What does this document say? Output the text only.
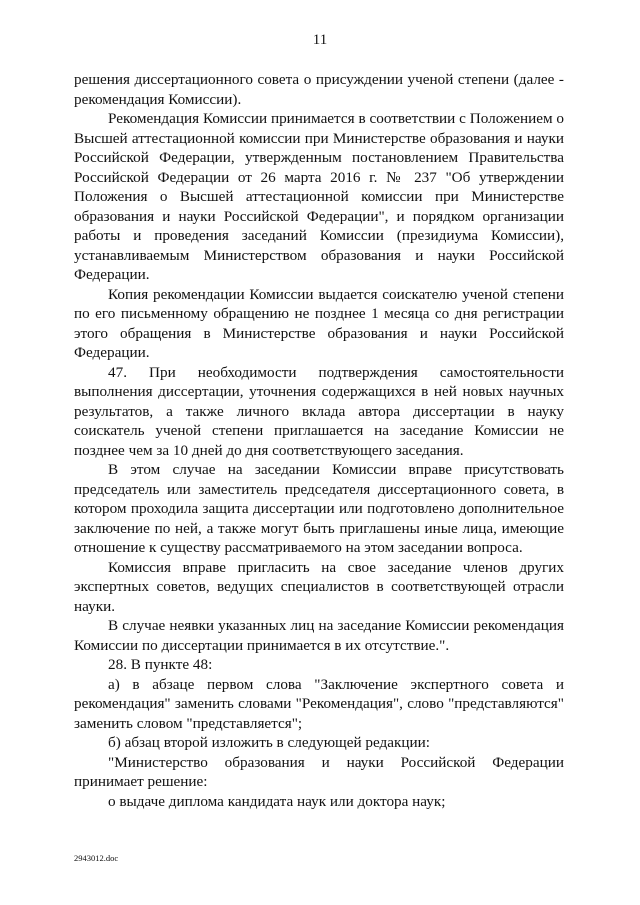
11

решения диссертационного совета о присуждении ученой степени (далее - рекомендация Комиссии).

Рекомендация Комиссии принимается в соответствии с Положением о Высшей аттестационной комиссии при Министерстве образования и науки Российской Федерации, утвержденным постановлением Правительства Российской Федерации от 26 марта 2016 г. № 237 "Об утверждении Положения о Высшей аттестационной комиссии при Министерстве образования и науки Российской Федерации", и порядком организации работы и проведения заседаний Комиссии (президиума Комиссии), устанавливаемым Министерством образования и науки Российской Федерации.

Копия рекомендации Комиссии выдается соискателю ученой степени по его письменному обращению не позднее 1 месяца со дня регистрации этого обращения в Министерстве образования и науки Российской Федерации.

47. При необходимости подтверждения самостоятельности выполнения диссертации, уточнения содержащихся в ней новых научных результатов, а также личного вклада автора диссертации в науку соискатель ученой степени приглашается на заседание Комиссии не позднее чем за 10 дней до дня соответствующего заседания.

В этом случае на заседании Комиссии вправе присутствовать председатель или заместитель председателя диссертационного совета, в котором проходила защита диссертации или подготовлено дополнительное заключение по ней, а также могут быть приглашены иные лица, имеющие отношение к существу рассматриваемого на этом заседании вопроса.

Комиссия вправе пригласить на свое заседание членов других экспертных советов, ведущих специалистов в соответствующей отрасли науки.

В случае неявки указанных лиц на заседание Комиссии рекомендация Комиссии по диссертации принимается в их отсутствие.".

28. В пункте 48:

а) в абзаце первом слова "Заключение экспертного совета и рекомендация" заменить словами "Рекомендация", слово "представляются" заменить словом "представляется";

б) абзац второй изложить в следующей редакции:

"Министерство образования и науки Российской Федерации принимает решение:

о выдаче диплома кандидата наук или доктора наук;

2943012.doc
